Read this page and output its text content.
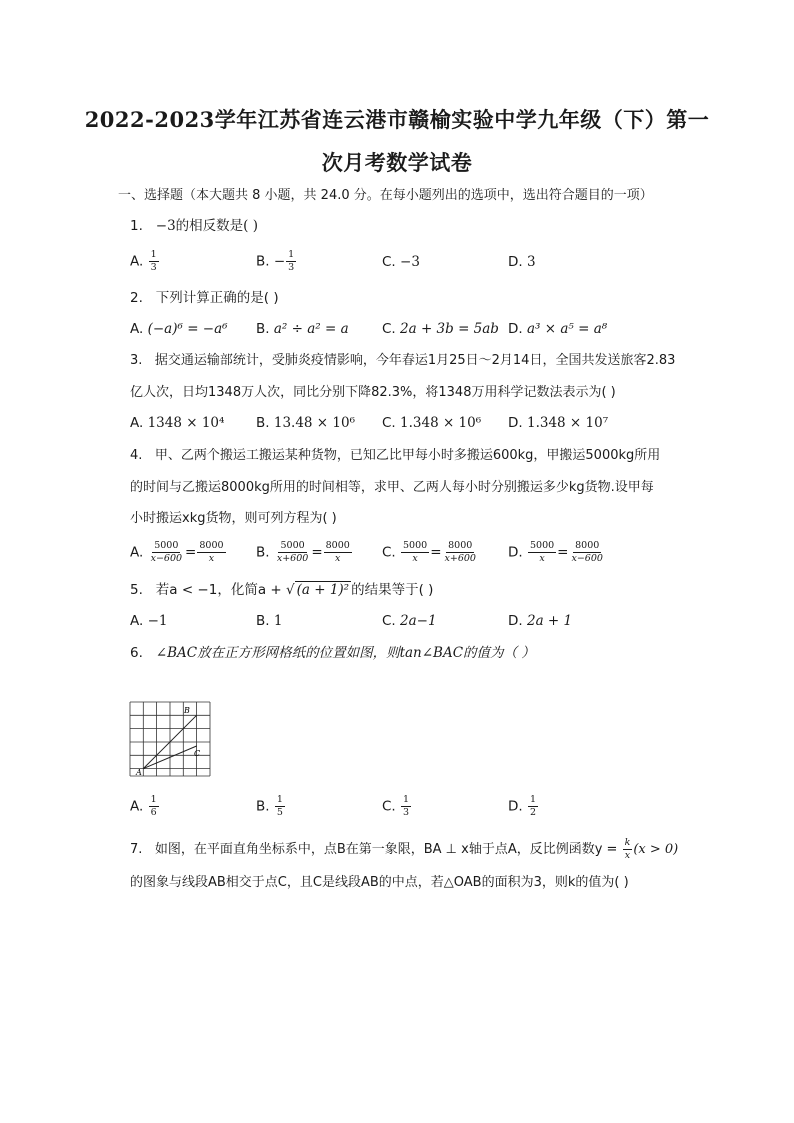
2022-2023学年江苏省连云港市赣榆实验中学九年级（下）第一
次月考数学试卷
一、选择题（本大题共 8 小题，共 24.0 分。在每小题列出的选项中，选出符合题目的一项）
1. −3的相反数是( )
A. $\frac{1}{3}$	B. − $\frac{1}{3}$	C. −3	D. 3
2. 下列计算正确的是( )
A. (−a)⁶ = −a⁶ B. a² ÷ a² = a C. 2a + 3b = 5ab D. a³ × a⁵ = a⁸
3. 据交通运输部统计，受肺炎疫情影响，今年春运1月25日～2月14日，全国共发送旅客2.83
亿人次，日均1348万人次，同比分别下降82.3%，将1348万用科学记数法表示为( )
A. 1348 × 10⁴ B. 13.48 × 10⁶ C. 1.348 × 10⁶ D. 1.348 × 10⁷
4. 甲、乙两个搬运工搬运某种货物，已知乙比甲每小时多搬运600kg，甲搬运5000kg所用
的时间与乙搬运8000kg所用的时间相等，求甲、乙两人每小时分别搬运多少kg货物.设甲每
小时搬运xkg货物，则可列方程为( )
A. $\frac{5000}{x-600} = \frac{8000}{x} B$. $\frac{5000}{x+600} = \frac{8000}{x} C$. $\frac{5000}{x} = \frac{8000}{x+600} D$. $\frac{5000}{x} = \frac{8000}{x-600}$
5. 若a < −1，化简a + √ (a + 1)² 的结果等于( )
A. −1	B. 1	C. 2a−1	D. 2a + 1
6. ∠BAC放在正方形网格纸的位置如图，则tan∠BAC的值为（ ）
A
B
C
A. $\frac{1}{6}$	B. $\frac{1}{5}$	C. $\frac{1}{3}$	D. $\frac{1}{2}$
7. 如图，在平面直角坐标系中，点B在第一象限，BA ⊥ x轴于点A，反比例函数$y = \frac{k}{x} (x > 0)$
的图象与线段AB相交于点C，且C是线段AB的中点，若△OAB的面积为3，则k的值为( )
